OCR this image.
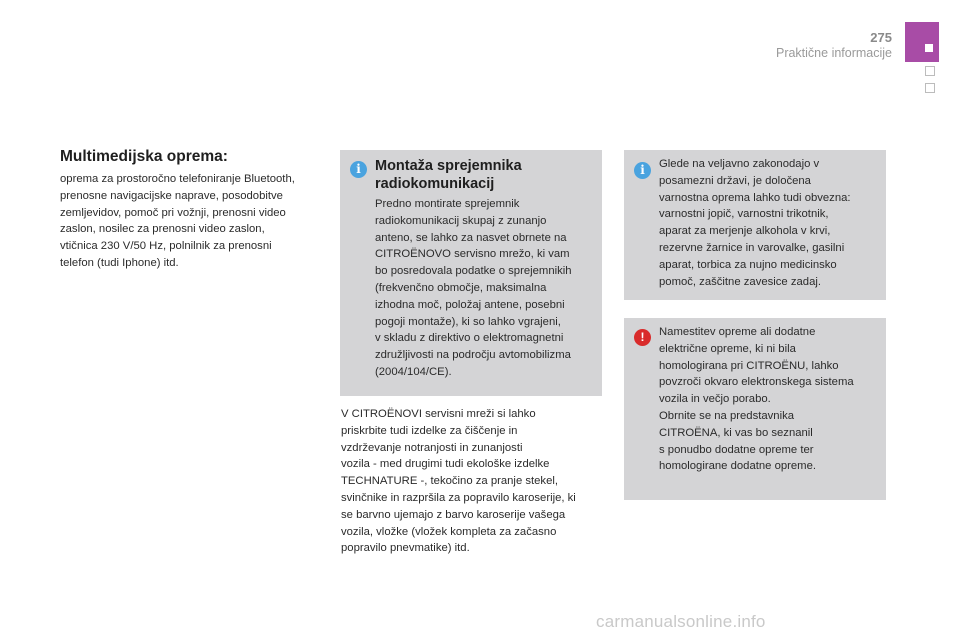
275
Praktične informacije
Multimedijska oprema:
oprema za prostoročno telefoniranje Bluetooth,
prenosne navigacijske naprave, posodobitve
zemljevidov, pomoč pri vožnji, prenosni video
zaslon, nosilec za prenosni video zaslon,
vtičnica 230 V/50 Hz, polnilnik za prenosni
telefon (tudi Iphone) itd.
i Montaža sprejemnika
radiokomunikacij
Predno montirate sprejemnik
radiokomunikacij skupaj z zunanjo
anteno, se lahko za nasvet obrnete na
CITROËNOVO servisno mrežo, ki vam
bo posredovala podatke o sprejemnikih
(frekvenčno območje, maksimalna
izhodna moč, položaj antene, posebni
pogoji montaže), ki so lahko vgrajeni,
v skladu z direktivo o elektromagnetni
združljivosti na področju avtomobilizma
(2004/104/CE).
V CITROËNOVI servisni mreži si lahko
priskrbite tudi izdelke za čiščenje in
vzdrževanje notranjosti in zunanjosti
vozila - med drugimi tudi ekološke izdelke
TECHNATURE -, tekočino za pranje stekel,
svinčnike in razpršila za popravilo karoserije, ki
se barvno ujemajo z barvo karoserije vašega
vozila, vložke (vložek kompleta za začasno
popravilo pnevmatike) itd.
i	Glede na veljavno zakonodajo v
posamezni državi, je določena
varnostna oprema lahko tudi obvezna:
varnostni jopič, varnostni trikotnik,
aparat za merjenje alkohola v krvi,
rezervne žarnice in varovalke, gasilni
aparat, torbica za nujno medicinsko
pomoč, zaščitne zavesice zadaj.
!	Namestitev opreme ali dodatne
električne opreme, ki ni bila
homologirana pri CITROËNU, lahko
povzroči okvaro elektronskega sistema
vozila in večjo porabo.
Obrnite se na predstavnika
CITROËNA, ki vas bo seznanil
s ponudbo dodatne opreme ter
homologirane dodatne opreme.
carmanualsonline.info
